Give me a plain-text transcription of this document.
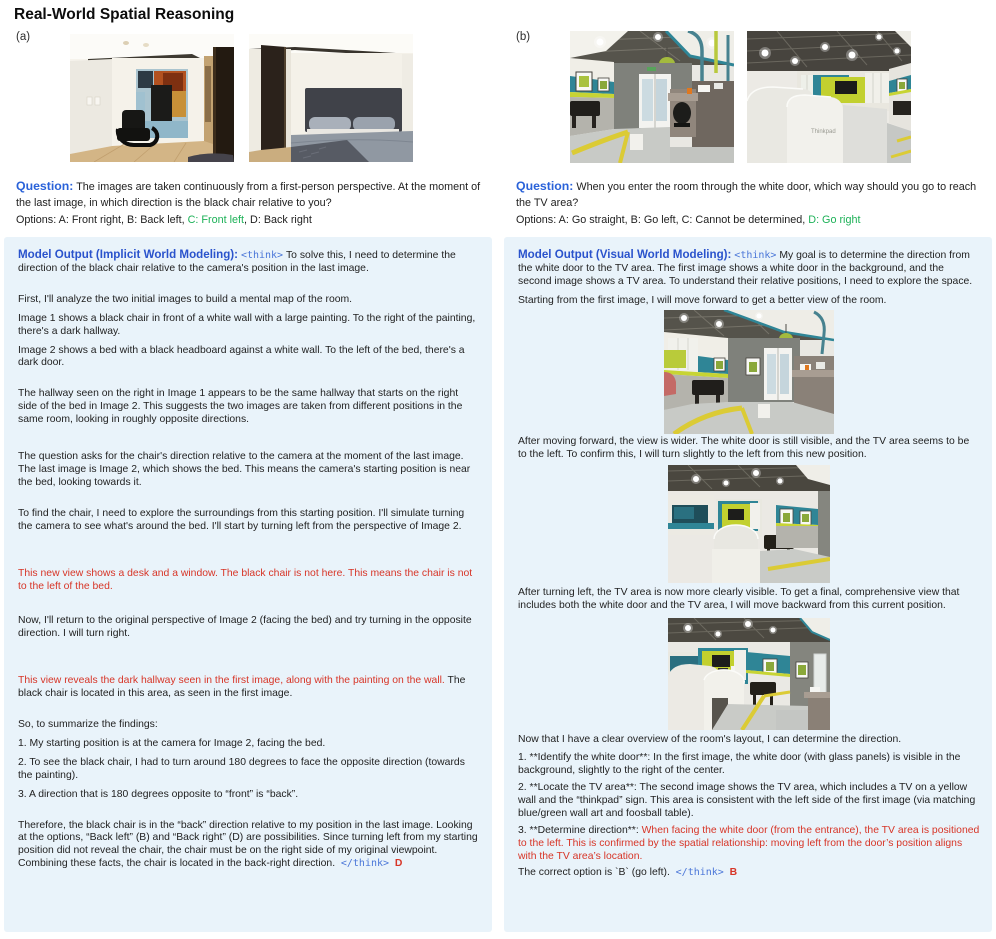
Real-World Spatial Reasoning
(a)

Question: The images are taken continuously from a first-person perspective. At the moment of the last image, in which direction is the black chair relative to you?

Options: A: Front right, B: Back left, C: Front left, D: Back right

Model Output (Implicit World Modeling): <think> To solve this, I need to determine the direction of the black chair relative to the camera's position in the last image.

First, I'll analyze the two initial images to build a mental map of the room.

Image 1 shows a black chair in front of a white wall with a large painting. To the right of the painting, there's a dark hallway.

Image 2 shows a bed with a black headboard against a white wall. To the left of the bed, there's a dark door.

The hallway seen on the right in Image 1 appears to be the same hallway that starts on the right side of the bed in Image 2. This suggests the two images are taken from different positions in the same room, looking in roughly opposite directions.

The question asks for the chair's direction relative to the camera at the moment of the last image. The last image is Image 2, which shows the bed. This means the camera's starting position is near the bed, looking towards it.

To find the chair, I need to explore the surroundings from this starting position. I'll simulate turning the camera to see what's around the bed. I'll start by turning left from the perspective of Image 2.

This new view shows a desk and a window. The black chair is not here. This means the chair is not to the left of the bed.

Now, I'll return to the original perspective of Image 2 (facing the bed) and try turning in the opposite direction. I will turn right.

This view reveals the dark hallway seen in the first image, along with the painting on the wall. The black chair is located in this area, as seen in the first image.

So, to summarize the findings:

1. My starting position is at the camera for Image 2, facing the bed.

2. To see the black chair, I had to turn around 180 degrees to face the opposite direction (towards the painting).

3. A direction that is 180 degrees opposite to “front” is “back”.

Therefore, the black chair is in the “back” direction relative to my position in the last image. Looking at the options, “Back left” (B) and “Back right” (D) are possibilities. Since turning left from my starting position did not reveal the chair, the chair must be on the right side of my original viewpoint. Combining these facts, the chair is located in the back-right direction. </think> D

(b)
Thinkpad

Question: When you enter the room through the white door, which way should you go to reach the TV area?

Options: A: Go straight, B: Go left, C: Cannot be determined, D: Go right

Model Output (Visual World Modeling): <think> My goal is to determine the direction from the white door to the TV area. The first image shows a white door in the background, and the second image shows a TV area. To understand their relative positions, I need to explore the space.

Starting from the first image, I will move forward to get a better view of the room.

After moving forward, the view is wider. The white door is still visible, and the TV area seems to be to the left. To confirm this, I will turn slightly to the left from this new position.

After turning left, the TV area is now more clearly visible. To get a final, comprehensive view that includes both the white door and the TV area, I will move backward from this current position.

Now that I have a clear overview of the room's layout, I can determine the direction.

1. **Identify the white door**: In the first image, the white door (with glass panels) is visible in the background, slightly to the right of the center.

2. **Locate the TV area**: The second image shows the TV area, which includes a TV on a yellow wall and the “thinkpad” sign. This area is consistent with the left side of the first image (via matching blue/green wall art and foosball table).

3. **Determine direction**: When facing the white door (from the entrance), the TV area is positioned to the left. This is confirmed by the spatial relationship: moving left from the door’s position aligns with the TV area’s location.

The correct option is `B` (go left). </think> B
